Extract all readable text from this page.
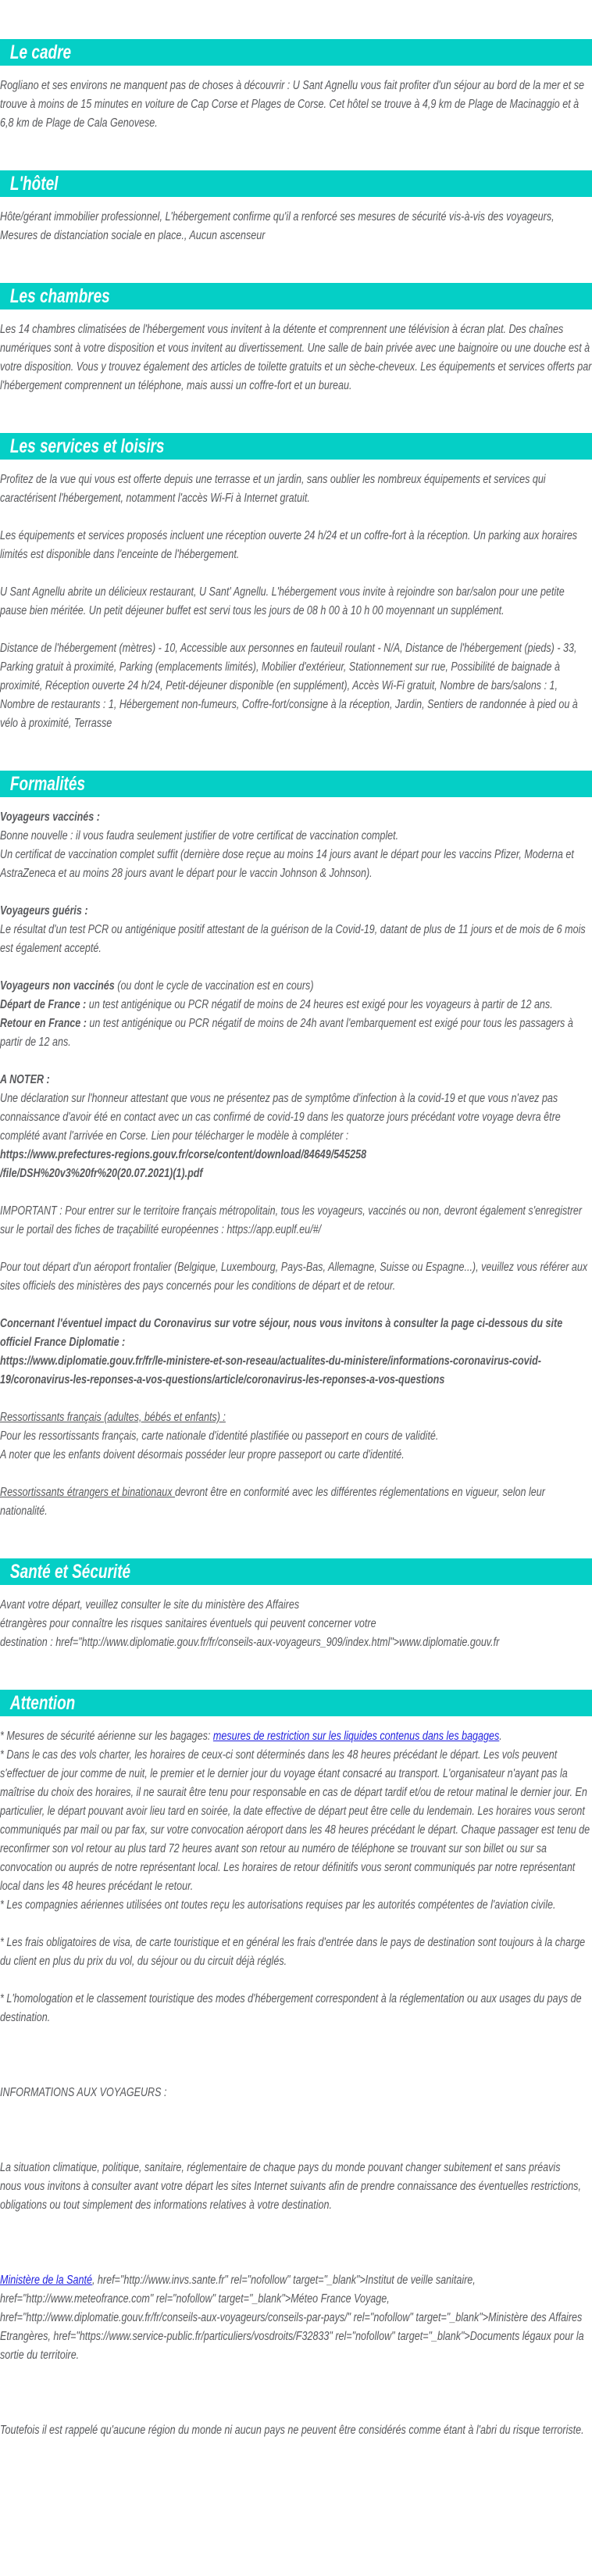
Le cadre
Rogliano et ses environs ne manquent pas de choses à découvrir : U Sant Agnellu vous fait profiter d'un séjour au bord de la mer et se trouve à moins de 15 minutes en voiture de Cap Corse et Plages de Corse. Cet hôtel se trouve à 4,9 km de Plage de Macinaggio et à 6,8 km de Plage de Cala Genovese.
L'hôtel
Hôte/gérant immobilier professionnel, L'hébergement confirme qu'il a renforcé ses mesures de sécurité vis-à-vis des voyageurs, Mesures de distanciation sociale en place., Aucun ascenseur
Les chambres
Les 14 chambres climatisées de l'hébergement vous invitent à la détente et comprennent une télévision à écran plat. Des chaînes numériques sont à votre disposition et vous invitent au divertissement. Une salle de bain privée avec une baignoire ou une douche est à votre disposition. Vous y trouvez également des articles de toilette gratuits et un sèche-cheveux. Les équipements et services offerts par l'hébergement comprennent un téléphone, mais aussi un coffre-fort et un bureau.
Les services et loisirs
Profitez de la vue qui vous est offerte depuis une terrasse et un jardin, sans oublier les nombreux équipements et services qui caractérisent l'hébergement, notamment l'accès Wi-Fi à Internet gratuit.
Les équipements et services proposés incluent une réception ouverte 24 h/24 et un coffre-fort à la réception. Un parking aux horaires limités est disponible dans l'enceinte de l'hébergement.
U Sant Agnellu abrite un délicieux restaurant, U Sant' Agnellu. L'hébergement vous invite à rejoindre son bar/salon pour une petite pause bien méritée. Un petit déjeuner buffet est servi tous les jours de 08 h 00 à 10 h 00 moyennant un supplément.
Distance de l'hébergement (mètres) - 10, Accessible aux personnes en fauteuil roulant - N/A, Distance de l'hébergement (pieds) - 33, Parking gratuit à proximité, Parking (emplacements limités), Mobilier d'extérieur, Stationnement sur rue, Possibilité de baignade à proximité, Réception ouverte 24 h/24, Petit-déjeuner disponible (en supplément), Accès Wi-Fi gratuit, Nombre de bars/salons : 1, Nombre de restaurants : 1, Hébergement non-fumeurs, Coffre-fort/consigne à la réception, Jardin, Sentiers de randonnée à pied ou à vélo à proximité, Terrasse
Formalités
Voyageurs vaccinés :
Bonne nouvelle : il vous faudra seulement justifier de votre certificat de vaccination complet.
Un certificat de vaccination complet suffit (dernière dose reçue au moins 14 jours avant le départ pour les vaccins Pfizer, Moderna et AstraZeneca et au moins 28 jours avant le départ pour le vaccin Johnson & Johnson).
Voyageurs guéris :
Le résultat d'un test PCR ou antigénique positif attestant de la guérison de la Covid-19, datant de plus de 11 jours et de mois de 6 mois est également accepté.
Voyageurs non vaccinés (ou dont le cycle de vaccination est en cours)
Départ de France : un test antigénique ou PCR négatif de moins de 24 heures est exigé pour les voyageurs à partir de 12 ans.
Retour en France : un test antigénique ou PCR négatif de moins de 24h avant l'embarquement est exigé pour tous les passagers à partir de 12 ans.
A NOTER :
Une déclaration sur l'honneur attestant que vous ne présentez pas de symptôme d'infection à la covid-19 et que vous n'avez pas connaissance d'avoir été en contact avec un cas confirmé de covid-19 dans les quatorze jours précédant votre voyage devra être complété avant l'arrivée en Corse. Lien pour télécharger le modèle à compléter :
https://www.prefectures-regions.gouv.fr/corse/content/download/84649/545258
/file/DSH%20v3%20fr%20(20.07.2021)(1).pdf
IMPORTANT : Pour entrer sur le territoire français métropolitain, tous les voyageurs, vaccinés ou non, devront également s'enregistrer sur le portail des fiches de traçabilité européennes : https://app.euplf.eu/#/
Pour tout départ d'un aéroport frontalier (Belgique, Luxembourg, Pays-Bas, Allemagne, Suisse ou Espagne...), veuillez vous référer aux sites officiels des ministères des pays concernés pour les conditions de départ et de retour.
Concernant l'éventuel impact du Coronavirus sur votre séjour, nous vous invitons à consulter la page ci-dessous du site officiel France Diplomatie :
https://www.diplomatie.gouv.fr/fr/le-ministere-et-son-reseau/actualites-du-ministere/informations-coronavirus-covid-19/coronavirus-les-reponses-a-vos-questions/article/coronavirus-les-reponses-a-vos-questions
Ressortissants français (adultes, bébés et enfants) :
Pour les ressortissants français, carte nationale d'identité plastifiée ou passeport en cours de validité.
A noter que les enfants doivent désormais posséder leur propre passeport ou carte d'identité.
Ressortissants étrangers et binationaux devront être en conformité avec les différentes réglementations en vigueur, selon leur nationalité.
Santé et Sécurité
Avant votre départ, veuillez consulter le site du ministère des Affaires
étrangères pour connaître les risques sanitaires éventuels qui peuvent concerner votre
destination : href="http://www.diplomatie.gouv.fr/fr/conseils-aux-voyageurs_909/index.html">www.diplomatie.gouv.fr
Attention
* Mesures de sécurité aérienne sur les bagages: mesures de restriction sur les liquides contenus dans les bagages.
* Dans le cas des vols charter, les horaires de ceux-ci sont déterminés dans les 48 heures précédant le départ. Les vols peuvent s'effectuer de jour comme de nuit, le premier et le dernier jour du voyage étant consacré au transport. L'organisateur n'ayant pas la maîtrise du choix des horaires, il ne saurait être tenu pour responsable en cas de départ tardif et/ou de retour matinal le dernier jour. En particulier, le départ pouvant avoir lieu tard en soirée, la date effective de départ peut être celle du lendemain. Les horaires vous seront communiqués par mail ou par fax, sur votre convocation aéroport dans les 48 heures précédant le départ. Chaque passager est tenu de reconfirmer son vol retour au plus tard 72 heures avant son retour au numéro de téléphone se trouvant sur son billet ou sur sa convocation ou auprés de notre représentant local. Les horaires de retour définitifs vous seront communiqués par notre représentant local dans les 48 heures précédant le retour.
* Les compagnies aériennes utilisées ont toutes reçu les autorisations requises par les autorités compétentes de l'aviation civile.
* Les frais obligatoires de visa, de carte touristique et en général les frais d'entrée dans le pays de destination sont toujours à la charge du client en plus du prix du vol, du séjour ou du circuit déjà réglés.
* L'homologation et le classement touristique des modes d'hébergement correspondent à la réglementation ou aux usages du pays de destination.
INFORMATIONS AUX VOYAGEURS :
La situation climatique, politique, sanitaire, réglementaire de chaque pays du monde pouvant changer subitement et sans préavis
nous vous invitons à consulter avant votre départ les sites Internet suivants afin de prendre connaissance des éventuelles restrictions, obligations ou tout simplement des informations relatives à votre destination.
Ministère de la Santé, href="http://www.invs.sante.fr" rel="nofollow" target="_blank">Institut de veille sanitaire, href="http://www.meteofrance.com" rel="nofollow" target="_blank">Méteo France Voyage, href="http://www.diplomatie.gouv.fr/fr/conseils-aux-voyageurs/conseils-par-pays/" rel="nofollow" target="_blank">Ministère des Affaires Etrangères, href="https://www.service-public.fr/particuliers/vosdroits/F32833" rel="nofollow" target="_blank">Documents légaux pour la sortie du territoire.
Toutefois il est rappelé qu'aucune région du monde ni aucun pays ne peuvent être considérés comme étant à l'abri du risque terroriste.
